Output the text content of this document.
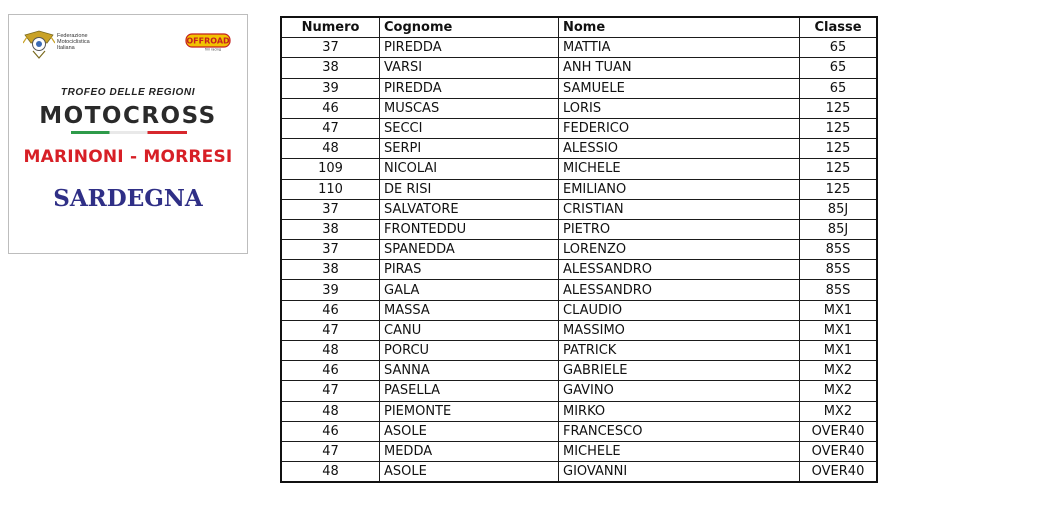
Federazione
Motociclistica
Italiana
OFFROAD
fmi racing
TROFEO DELLE REGIONI
MOTOCROSS
MARINONI - MORRESI
SARDEGNA
Numero	Cognome	Nome	Classe
37	PIREDDA	MATTIA	65
38	VARSI	ANH TUAN	65
39	PIREDDA	SAMUELE	65
46	MUSCAS	LORIS	125
47	SECCI	FEDERICO	125
48	SERPI	ALESSIO	125
109	NICOLAI	MICHELE	125
110	DE RISI	EMILIANO	125
37	SALVATORE	CRISTIAN	85J
38	FRONTEDDU	PIETRO	85J
37	SPANEDDA	LORENZO	85S
38	PIRAS	ALESSANDRO	85S
39	GALA	ALESSANDRO	85S
46	MASSA	CLAUDIO	MX1
47	CANU	MASSIMO	MX1
48	PORCU	PATRICK	MX1
46	SANNA	GABRIELE	MX2
47	PASELLA	GAVINO	MX2
48	PIEMONTE	MIRKO	MX2
46	ASOLE	FRANCESCO	OVER40
47	MEDDA	MICHELE	OVER40
48	ASOLE	GIOVANNI	OVER40
